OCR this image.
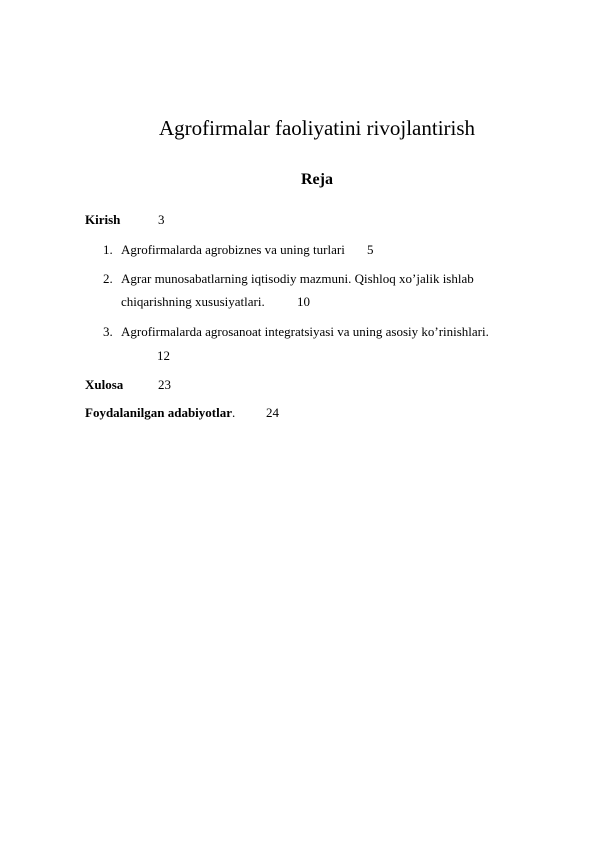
Agrofirmalar faoliyatini rivojlantirish
Reja
Kirish	3
1. Agrofirmalarda agrobiznes va uning turlari 5
2. Agrar munosabatlarning iqtisodiy mazmuni. Qishloq xo’jalik ishlab
chiqarishning xususiyatlari. 10
3. Agrofirmalarda agrosanoat integratsiyasi va uning asosiy ko’rinishlari.
12
Xulosa	23
Foydalanilgan adabiyotlar. 24
